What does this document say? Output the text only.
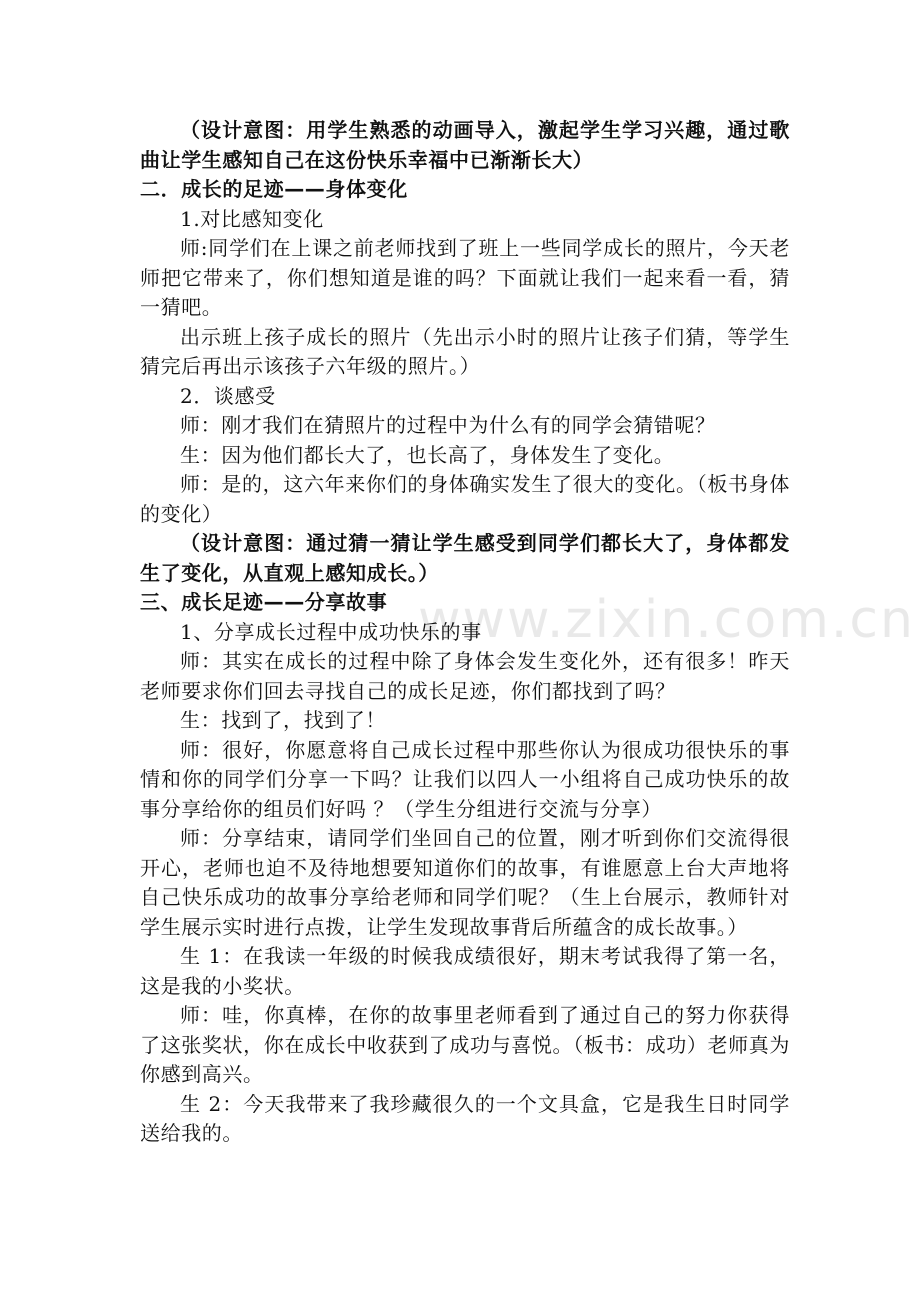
www.zixin.com.cn

（设计意图：用学生熟悉的动画导入，激起学生学习兴趣，通过歌曲让学生感知自己在这份快乐幸福中已渐渐长大）

二．成长的足迹——身体变化

1.对比感知变化

师:同学们在上课之前老师找到了班上一些同学成长的照片，今天老师把它带来了，你们想知道是谁的吗？下面就让我们一起来看一看，猜一猜吧。

出示班上孩子成长的照片（先出示小时的照片让孩子们猜，等学生猜完后再出示该孩子六年级的照片。）

2．谈感受

师：刚才我们在猜照片的过程中为什么有的同学会猜错呢？

生：因为他们都长大了，也长高了，身体发生了变化。

师：是的，这六年来你们的身体确实发生了很大的变化。（板书身体的变化）

（设计意图：通过猜一猜让学生感受到同学们都长大了，身体都发生了变化，从直观上感知成长。）

三、成长足迹——分享故事

1、分享成长过程中成功快乐的事

师：其实在成长的过程中除了身体会发生变化外，还有很多！昨天老师要求你们回去寻找自己的成长足迹，你们都找到了吗？

生：找到了，找到了！

师：很好，你愿意将自己成长过程中那些你认为很成功很快乐的事情和你的同学们分享一下吗？让我们以四人一小组将自己成功快乐的故事分享给你的组员们好吗 ？（学生分组进行交流与分享）

师：分享结束，请同学们坐回自己的位置，刚才听到你们交流得很开心，老师也迫不及待地想要知道你们的故事，有谁愿意上台大声地将自己快乐成功的故事分享给老师和同学们呢？（生上台展示，教师针对学生展示实时进行点拨，让学生发现故事背后所蕴含的成长故事。）

生 1：在我读一年级的时候我成绩很好，期末考试我得了第一名，这是我的小奖状。

师：哇，你真棒，在你的故事里老师看到了通过自己的努力你获得了这张奖状，你在成长中收获到了成功与喜悦。（板书：成功）老师真为你感到高兴。

生 2：今天我带来了我珍藏很久的一个文具盒，它是我生日时同学送给我的。
